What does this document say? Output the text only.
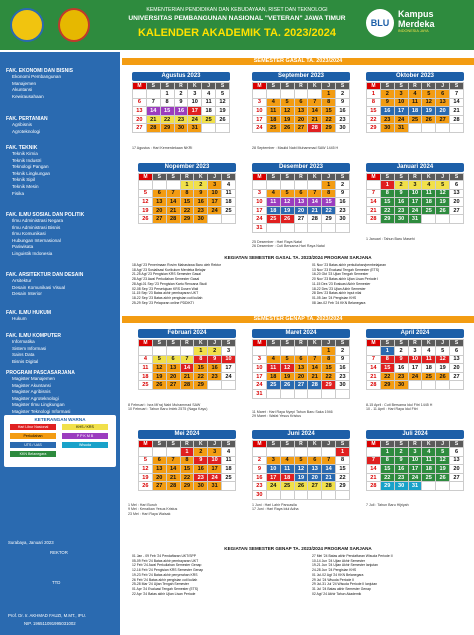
KEMENTERIAN PENDIDIKAN DAN KEBUDAYAAN, RISET DAN TEKNOLOGI
UNIVERSITAS PEMBANGUNAN NASIONAL "VETERAN" JAWA TIMUR
KALENDER AKADEMIK TA. 2023/2024
BLU
Kampus
Merdeka
INDONESIA JAYA
FAK. EKONOMI DAN BISNIS
Ekonomi Pembangunan
Manajemen
Akuntansi
Kewirausahaan
FAK. PERTANIAN
Agribisnis
Agroteknologi
FAK. TEKNIK
Teknik Kimia
Teknik Industri
Teknologi Pangan
Teknik Lingkungan
Teknik Sipil
Teknik Mesin
Fisika
FAK. ILMU SOSIAL DAN POLITIK
Ilmu Administrasi Negara
Ilmu Administrasi Bisnis
Ilmu Komunikasi
Hubungan Internasional
Pariwisata
Linguistik Indonesia
FAK. ARSITEKTUR DAN DESAIN
Arsitektur
Desain Komunikasi Visual
Desain Interior
FAK. ILMU HUKUM
Hukum
FAK. ILMU KOMPUTER
Informatika
Sistem Informasi
Sains Data
Bisnis Digital
PROGRAM PASCASARJANA
Magister Manajemen
Magister Akuntansi
Magister Agribisnis
Magister Agroteknologi
Magister Ilmu Lingkungan
Magister Teknologi Informasi
KETERANGAN WARNA
Hari Libur Nasional	KHS / KRS
Perkuliahan	P P K M B
UTS / UAS	Wisuda
KKN Belanegara
Surabaya, Januari 2023
REKTOR
TTD
Prof. Dr. Ir. AKHMAD FAUZI, M.MT., IPU.
NIP. 196511091995031002
SEMESTER GASAL TA. 2023/2024
Agustus 2023
M	S	S	R	K	J	S
		1	2	3	4	5
6	7	8	9	10	11	12
13	14	15	16	17	18	19
20	21	22	23	24	25	26
27	28	29	30	31		
September 2023
M	S	S	R	K	J	S
					1	2
3	4	5	6	7	8	9
10	11	12	13	14	15	16
17	18	19	20	21	22	23
24	25	26	27	28	29	30
Oktober 2023
M	S	S	R	K	J	S
1	2	3	4	5	6	7
8	9	10	11	12	13	14
15	16	17	18	19	20	21
22	23	24	25	26	27	28
29	30	31				
17 Agustus : Hari Kemerdekaan NKRI	28 September : Maulid Nabi Muhammad SAW 1445 H
Nopember 2023
M	S	S	R	K	J	S
			1	2	3	4
5	6	7	8	9	10	11
12	13	14	15	16	17	18
19	20	21	22	23	24	25
26	27	28	29	30		
Desember 2023
M	S	S	R	K	J	S
					1	2
3	4	5	6	7	8	9
10	11	12	13	14	15	16
17	18	19	20	21	22	23
24	25	26	27	28	29	30
31						
Januari 2024
M	S	S	R	K	J	S
	1	2	3	4	5	6
7	8	9	10	11	12	13
14	15	16	17	18	19	20
21	22	23	24	25	26	27
28	29	30	31			
25 Desember : Hari Raya Natal
26 Desember : Cuti Bersama Hari Raya Natal
1 Januari : Tahun Baru Masehi
KEGIATAN SEMESTER GASAL TA. 2023/2024 PROGRAM SARJANA
18 Agt '23 Penerimaan Rovim Mahasiswa Baru oleh Rektor
18 Agt '23 Sosialisasi Kurikulum Merdeka Belajar
21-25 Agt '23 Pengisian KRS Semester Gasal
28 Agt '23 Awal Perkuliahan Semester Gasal
28 Agt-01 Sep '23 Pengisian Kartu Rencana Studi
02-08 Sep '23 Persetujuan KRS Dosen Wali
11-15 Sep '23 Batas akhir pembayaran UKT
18-22 Sep '23 Batas akhir pengisian cuti kuliah
25-29 Sep '23 Pelaporan online PDDIKTI
01 Nov '23 Batas akhir perkuliahan/pembelajaran
13 Nov '23 Evaluasi Tengah Semester (ETS)
16-20 Okt '23 Ujian Tengah Semester
20 Nov '23 Batas akhir Ujian Lisan Periode I
11-15 Des '23 Evaluasi Akhir Semester
18-22 Des '23 Ujian Akhir Semester
28 Des '23 Batas akhir input nilai
01-05 Jan '24 Pengisian KHS
08 Jan-02 Feb '24 KKN Belanegara
SEMESTER GENAP TA. 2023/2024
Februari 2024
M	S	S	R	K	J	S
				1	2	3
4	5	6	7	8	9	10
11	12	13	14	15	16	17
18	19	20	21	22	23	24
25	26	27	28	29		
Maret 2024
M	S	S	R	K	J	S
					1	2
3	4	5	6	7	8	9
10	11	12	13	14	15	16
17	18	19	20	21	22	23
24	25	26	27	28	29	30
31						
April 2024
M	S	S	R	K	J	S
	1	2	3	4	5	6
7	8	9	10	11	12	13
14	15	16	17	18	19	20
21	22	23	24	25	26	27
28	29	30				
8 Februari : Isra Mi'raj Nabi Muhammad SAW
10 Februari : Tahun Baru Imlek 2575 (Naga Kayu)
11 Maret : Hari Raya Nyepi Tahun Baru Saka 1946
29 Maret : Wafat Yesus Kristus
8-15 April : Cuti Bersama Idul Fitri 1445 H
10 - 11 April : Hari Raya Idul Fitri
Mei 2024
M	S	S	R	K	J	S
			1	2	3	4
5	6	7	8	9	10	11
12	13	14	15	16	17	18
19	20	21	22	23	24	25
26	27	28	29	30	31	
Juni 2024
M	S	S	R	K	J	S
						1
2	3	4	5	6	7	8
9	10	11	12	13	14	15
16	17	18	19	20	21	22
23	24	25	26	27	28	29
30						
Juli 2024
M	S	S	R	K	J	S
	1	2	3	4	5	6
7	8	9	10	11	12	13
14	15	16	17	18	19	20
21	22	23	24	25	26	27
28	29	30	31			
1 Mei : Hari Buruh
9 Mei : Kenaikan Yesus Kristus
23 Mei : Hari Raya Waisak
1 Juni : Hari Lahir Pancasila
17 Juni : Hari Raya Idul Adha
7 Juli : Tahun Baru Hijriyah
KEGIATAN SEMESTER GENAP TA. 2023/2024 PROGRAM SARJANA
01 Jan - 09 Feb '24 Pendaftaran UKT/SPP
05-09 Feb '24 Batas akhir pembayaran UKT
12 Feb '24 Awal Perkuliahan Semester Genap
12-16 Feb '24 Pengisian KRS Semester Genap
19-23 Feb '24 Batas akhir penyerahan KRS
26 Feb '24 Batas akhir pengisian cuti kuliah
25-28 Mar '24 Ujian Tengah Semester
01 Apr '24 Evaluasi Tengah Semester (ETS)
22 Apr '24 Batas akhir Ujian Lisan Periode
27 Mei '24 Batas akhir Pendaftaran Wisuda Periode II
10-14 Jun '24 Ujian Akhir Semester
19-21 Jun '24 Ujian Akhir Semester lanjutan
24-28 Jun '24 Pengisian KHS
01 Jul-02 Agt '24 KKN Belanegara
29 Jul '24 Wisuda Periode II
29 Jul-31 Jul '24 Wisuda Periode II lanjutan
31 Jul '24 Batas akhir Semester Genap
02 Agt '24 Akhir Tahun Akademik
